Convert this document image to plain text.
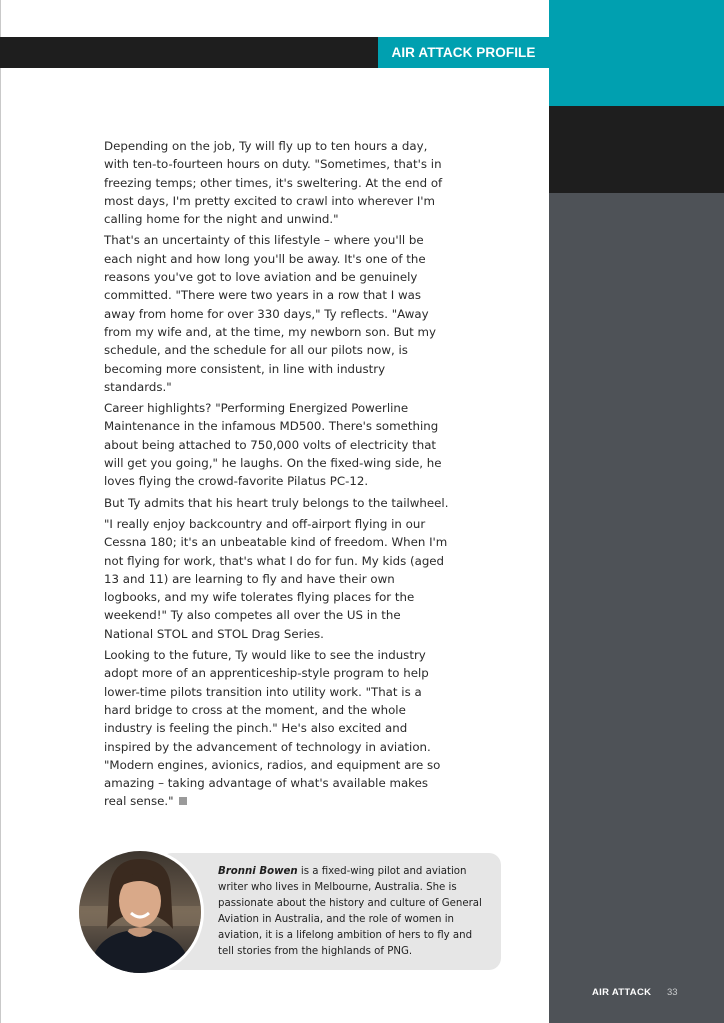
AIR ATTACK PROFILE

Depending on the job, Ty will fly up to ten hours a day, with ten-to-fourteen hours on duty. "Sometimes, that's in freezing temps; other times, it's sweltering. At the end of most days, I'm pretty excited to crawl into wherever I'm calling home for the night and unwind."

That's an uncertainty of this lifestyle – where you'll be each night and how long you'll be away. It's one of the reasons you've got to love aviation and be genuinely committed. "There were two years in a row that I was away from home for over 330 days," Ty reflects. "Away from my wife and, at the time, my newborn son. But my schedule, and the schedule for all our pilots now, is becoming more consistent, in line with industry standards."

Career highlights? "Performing Energized Powerline Maintenance in the infamous MD500. There's something about being attached to 750,000 volts of electricity that will get you going," he laughs. On the fixed-wing side, he loves flying the crowd-favorite Pilatus PC-12.

But Ty admits that his heart truly belongs to the tailwheel.

"I really enjoy backcountry and off-airport flying in our Cessna 180; it's an unbeatable kind of freedom. When I'm not flying for work, that's what I do for fun. My kids (aged 13 and 11) are learning to fly and have their own logbooks, and my wife tolerates flying places for the weekend!" Ty also competes all over the US in the National STOL and STOL Drag Series.

Looking to the future, Ty would like to see the industry adopt more of an apprenticeship-style program to help lower-time pilots transition into utility work. "That is a hard bridge to cross at the moment, and the whole industry is feeling the pinch." He's also excited and inspired by the advancement of technology in aviation. "Modern engines, avionics, radios, and equipment are so amazing – taking advantage of what's available makes real sense."

Bronni Bowen is a fixed-wing pilot and aviation writer who lives in Melbourne, Australia. She is passionate about the history and culture of General Aviation in Australia, and the role of women in aviation, it is a lifelong ambition of hers to fly and tell stories from the highlands of PNG.
AIR ATTACK 33
